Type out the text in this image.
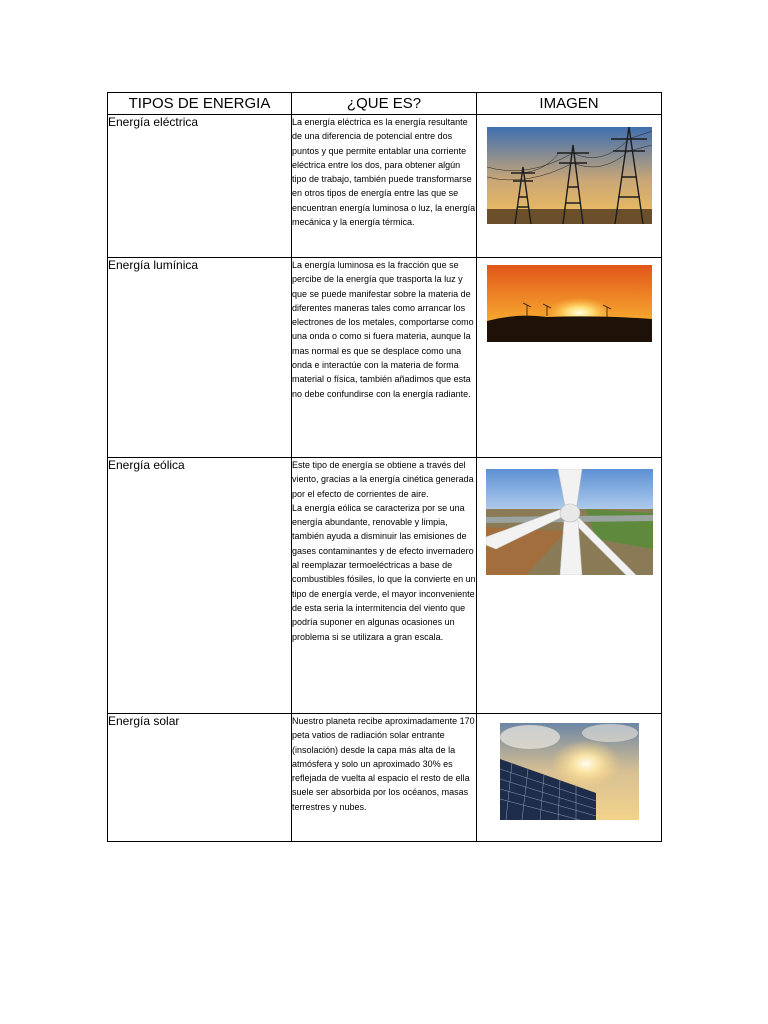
TIPOS DE ENERGIA	¿QUE ES?	IMAGEN
Energía eléctrica	La energía eléctrica es la energía resultante de una diferencia de potencial entre dos puntos y que permite entablar una corriente eléctrica entre los dos, para obtener algún tipo de trabajo, también puede transformarse en otros tipos de energía entre las que se encuentran energía luminosa o luz, la energía mecánica y la energía térmica.

Energía lumínica	La energía luminosa es la fracción que se percibe de la energía que trasporta la luz y que se puede manifestar sobre la materia de diferentes maneras tales como arrancar los electrones de los metales, comportarse como una onda o como si fuera materia, aunque la mas normal es que se desplace como una onda e interactúe con la materia de forma material o física, también añadimos que esta no debe confundirse con la energía radiante.

Energía eólica	Este tipo de energía se obtiene a través del viento, gracias a la energía cinética generada por el efecto de corrientes de aire.

La energía eólica se caracteriza por se una energía abundante, renovable y limpia, también ayuda a disminuir las emisiones de gases contaminantes y de efecto invernadero al reemplazar termoeléctricas a base de combustibles fósiles, lo que la convierte en un tipo de energía verde, el mayor inconveniente de esta seria la intermitencia del viento que podría suponer en algunas ocasiones un problema si se utilizara a gran escala.

Energía solar	Nuestro planeta recibe aproximadamente 170 peta vatios de radiación solar entrante (insolación) desde la capa más alta de la atmósfera y solo un aproximado 30% es reflejada de vuelta al espacio el resto de ella suele ser absorbida por los océanos, masas terrestres y nubes.
